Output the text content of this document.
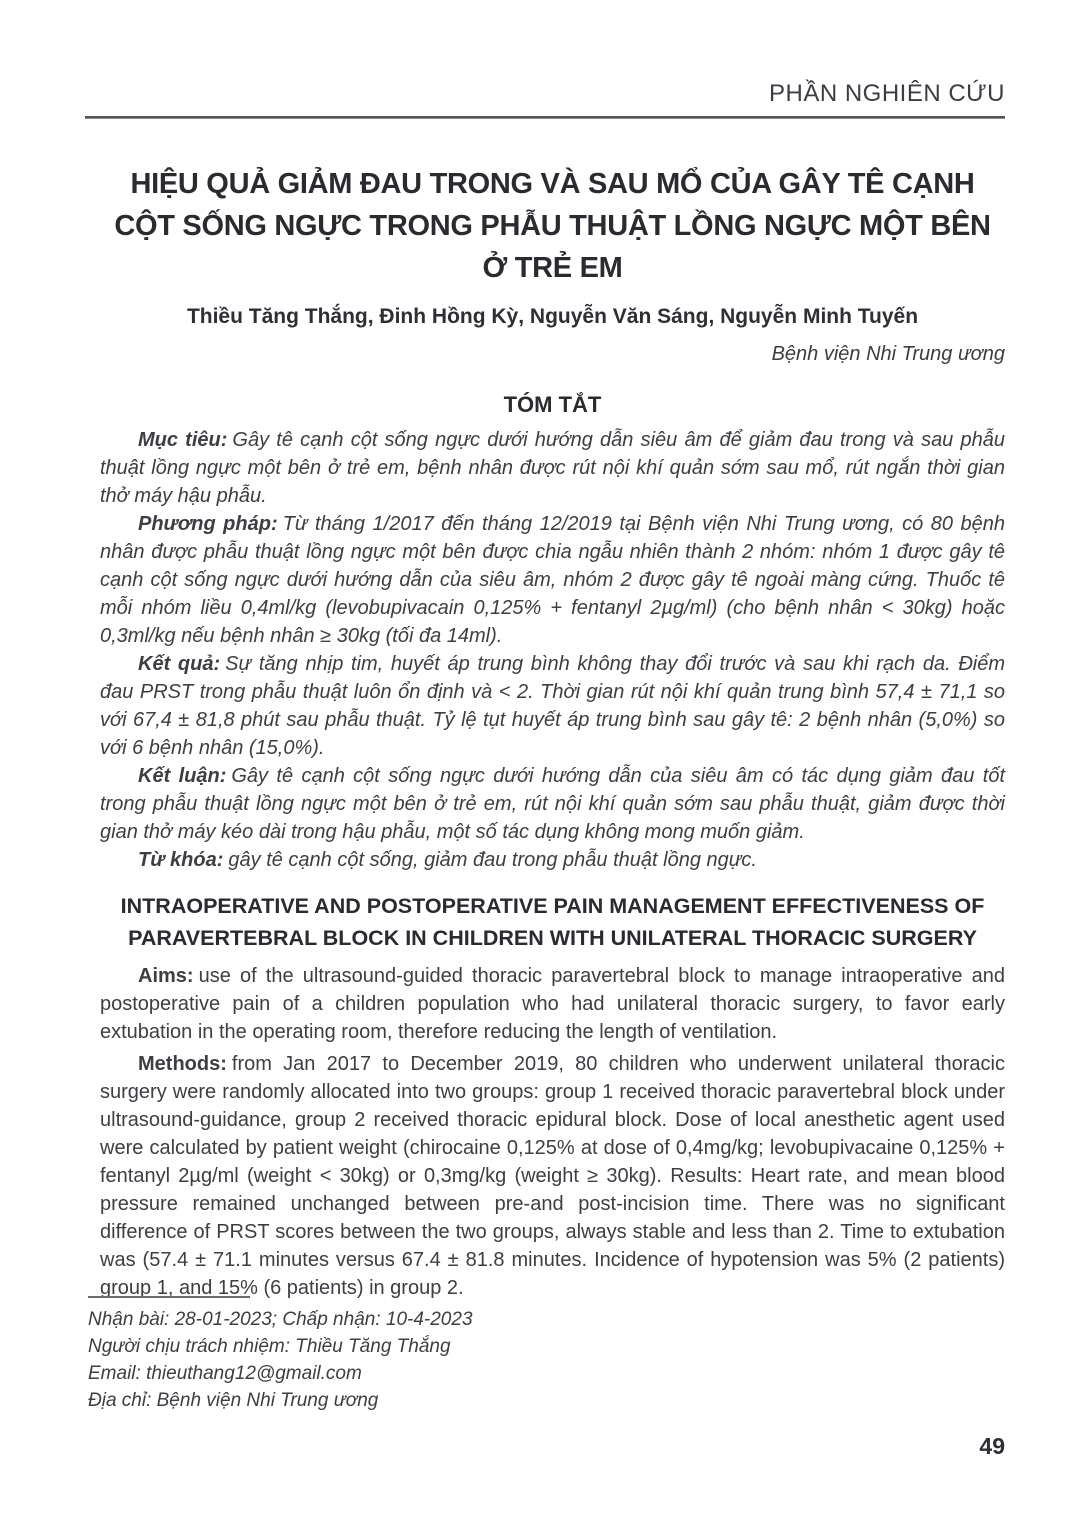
PHẦN NGHIÊN CỨU
HIỆU QUẢ GIẢM ĐAU TRONG VÀ SAU MỔ CỦA GÂY TÊ CẠNH
CỘT SỐNG NGỰC TRONG PHẪU THUẬT LỒNG NGỰC MỘT BÊN Ở TRẺ EM
Thiều Tăng Thắng, Đinh Hồng Kỳ, Nguyễn Văn Sáng, Nguyễn Minh Tuyến
Bệnh viện Nhi Trung ương
TÓM TẮT

Mục tiêu: Gây tê cạnh cột sống ngực dưới hướng dẫn siêu âm để giảm đau trong và sau phẫu thuật lồng ngực một bên ở trẻ em, bệnh nhân được rút nội khí quản sớm sau mổ, rút ngắn thời gian thở máy hậu phẫu.

Phương pháp: Từ tháng 1/2017 đến tháng 12/2019 tại Bệnh viện Nhi Trung ương, có 80 bệnh nhân được phẫu thuật lồng ngực một bên được chia ngẫu nhiên thành 2 nhóm: nhóm 1 được gây tê cạnh cột sống ngực dưới hướng dẫn của siêu âm, nhóm 2 được gây tê ngoài màng cứng. Thuốc tê mỗi nhóm liều 0,4ml/kg (levobupivacain 0,125% + fentanyl 2µg/ml) (cho bệnh nhân < 30kg) hoặc 0,3ml/kg nếu bệnh nhân ≥ 30kg (tối đa 14ml).

Kết quả: Sự tăng nhịp tim, huyết áp trung bình không thay đổi trước và sau khi rạch da. Điểm đau PRST trong phẫu thuật luôn ổn định và < 2. Thời gian rút nội khí quản trung bình 57,4 ± 71,1 so với 67,4 ± 81,8 phút sau phẫu thuật. Tỷ lệ tụt huyết áp trung bình sau gây tê: 2 bệnh nhân (5,0%) so với 6 bệnh nhân (15,0%).

Kết luận: Gây tê cạnh cột sống ngực dưới hướng dẫn của siêu âm có tác dụng giảm đau tốt trong phẫu thuật lồng ngực một bên ở trẻ em, rút nội khí quản sớm sau phẫu thuật, giảm được thời gian thở máy kéo dài trong hậu phẫu, một số tác dụng không mong muốn giảm.

Từ khóa: gây tê cạnh cột sống, giảm đau trong phẫu thuật lồng ngực.

INTRAOPERATIVE AND POSTOPERATIVE PAIN MANAGEMENT EFFECTIVENESS OF
PARAVERTEBRAL BLOCK IN CHILDREN WITH UNILATERAL THORACIC SURGERY

Aims: use of the ultrasound-guided thoracic paravertebral block to manage intraoperative and postoperative pain of a children population who had unilateral thoracic surgery, to favor early extubation in the operating room, therefore reducing the length of ventilation.

Methods: from Jan 2017 to December 2019, 80 children who underwent unilateral thoracic surgery were randomly allocated into two groups: group 1 received thoracic paravertebral block under ultrasound-guidance, group 2 received thoracic epidural block. Dose of local anesthetic agent used were calculated by patient weight (chirocaine 0,125% at dose of 0,4mg/kg; levobupivacaine 0,125% + fentanyl 2µg/ml (weight < 30kg) or 0,3mg/kg (weight ≥ 30kg). Results: Heart rate, and mean blood pressure remained unchanged between pre-and post-incision time. There was no significant difference of PRST scores between the two groups, always stable and less than 2. Time to extubation was (57.4 ± 71.1 minutes versus 67.4 ± 81.8 minutes. Incidence of hypotension was 5% (2 patients) group 1, and 15% (6 patients) in group 2.

Nhận bài: 28-01-2023; Chấp nhận: 10-4-2023

Người chịu trách nhiệm: Thiều Tăng Thắng

Email: thieuthang12@gmail.com

Địa chỉ: Bệnh viện Nhi Trung ương

49
